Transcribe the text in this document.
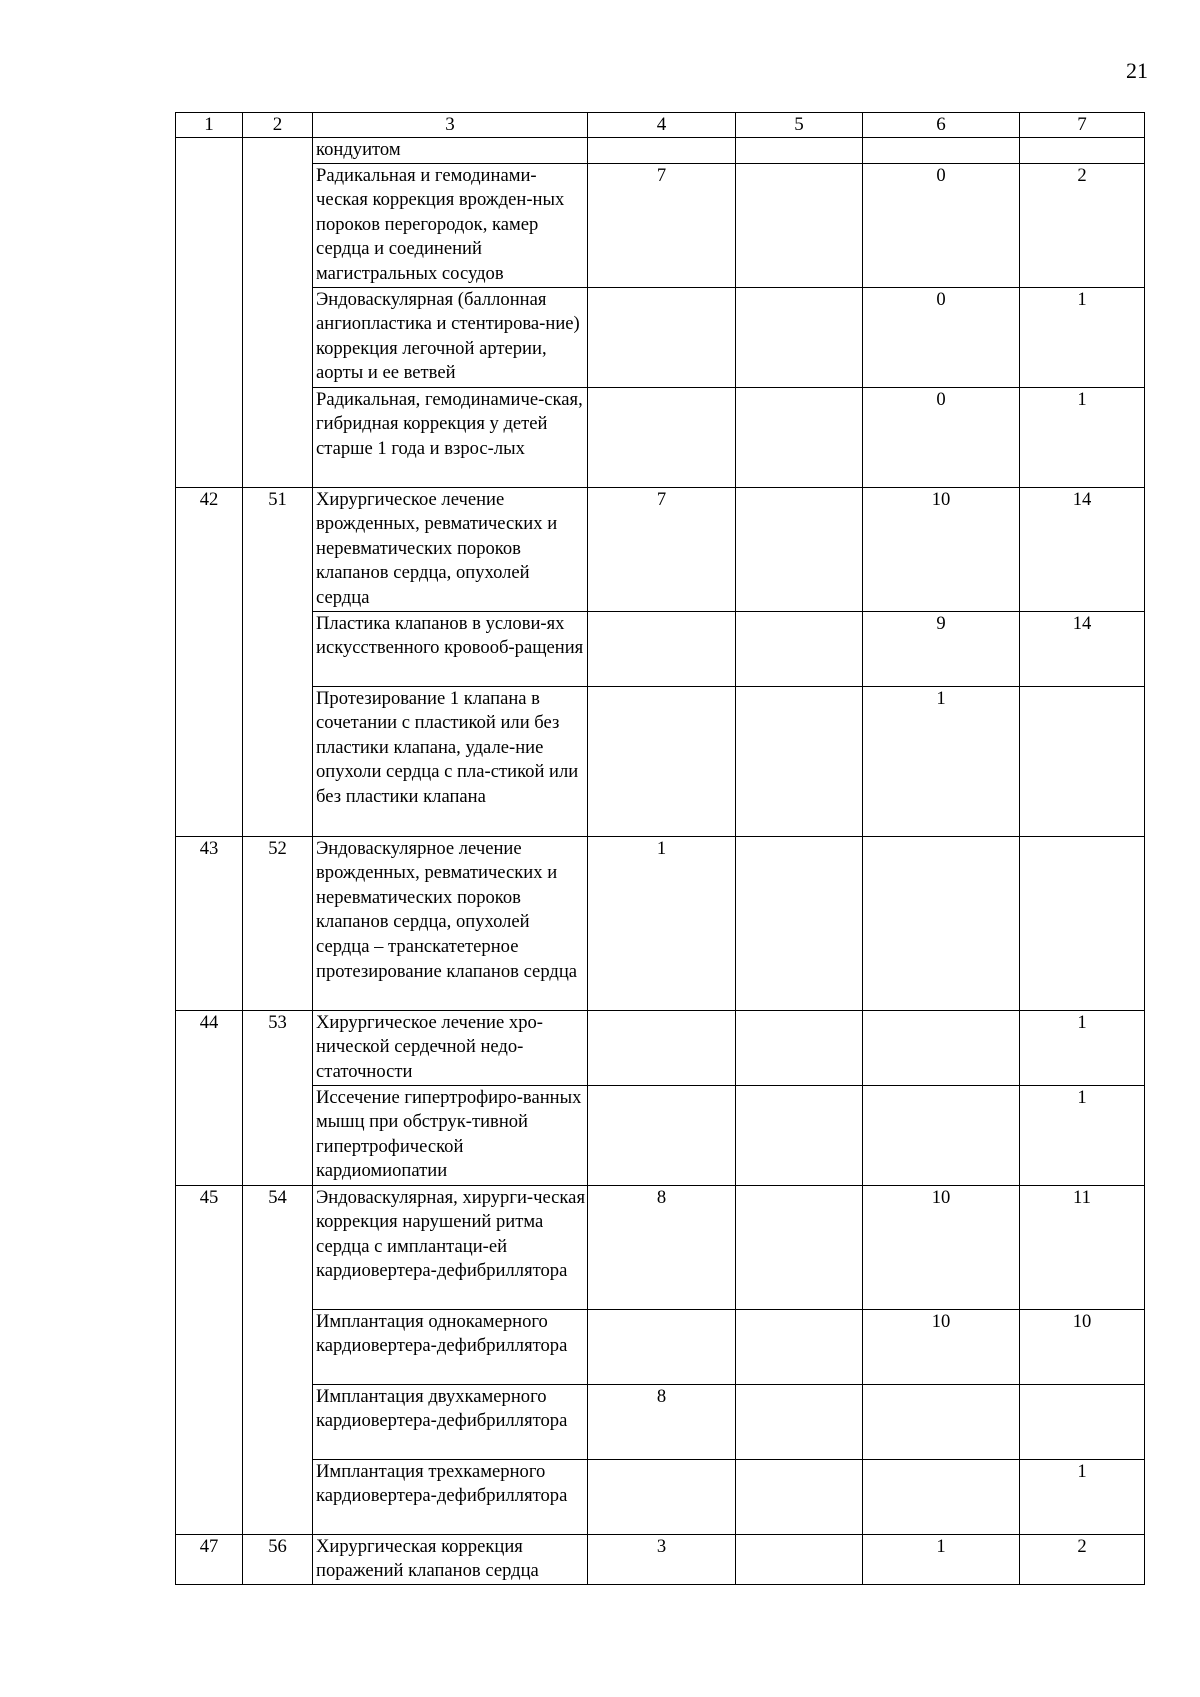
21
1	2	3	4	5	6	7
		кондуитом				
		Радикальная и гемодинами-ческая коррекция врожден-ных пороков перегородок, камер сердца и соединений магистральных сосудов	7		0	2
		Эндоваскулярная (баллонная ангиопластика и стентирова-ние) коррекция легочной артерии, аорты и ее ветвей			0	1
		Радикальная, гемодинамиче-ская, гибридная коррекция у детей старше 1 года и взрос-лых			0	1
42	51	Хирургическое лечение врожденных, ревматических и неревматических пороков клапанов сердца, опухолей сердца	7		10	14
		Пластика клапанов в услови-ях искусственного кровооб-ращения			9	14
		Протезирование 1 клапана в сочетании с пластикой или без пластики клапана, удале-ние опухоли сердца с пла-стикой или без пластики клапана			1	
43	52	Эндоваскулярное лечение врожденных, ревматических и неревматических пороков клапанов сердца, опухолей сердца – транскатетерное протезирование клапанов сердца	1			
44	53	Хирургическое лечение хро-нической сердечной недо-статочности				1
		Иссечение гипертрофиро-ванных мышц при обструк-тивной гипертрофической кардиомиопатии				1
45	54	Эндоваскулярная, хирурги-ческая коррекция нарушений ритма сердца с имплантаци-ей кардиовертера-дефибриллятора	8		10	11
		Имплантация однокамерного кардиовертера-дефибриллятора			10	10
		Имплантация двухкамерного кардиовертера-дефибриллятора	8			
		Имплантация трехкамерного кардиовертера-дефибриллятора				1
47	56	Хирургическая коррекция поражений клапанов сердца	3		1	2
